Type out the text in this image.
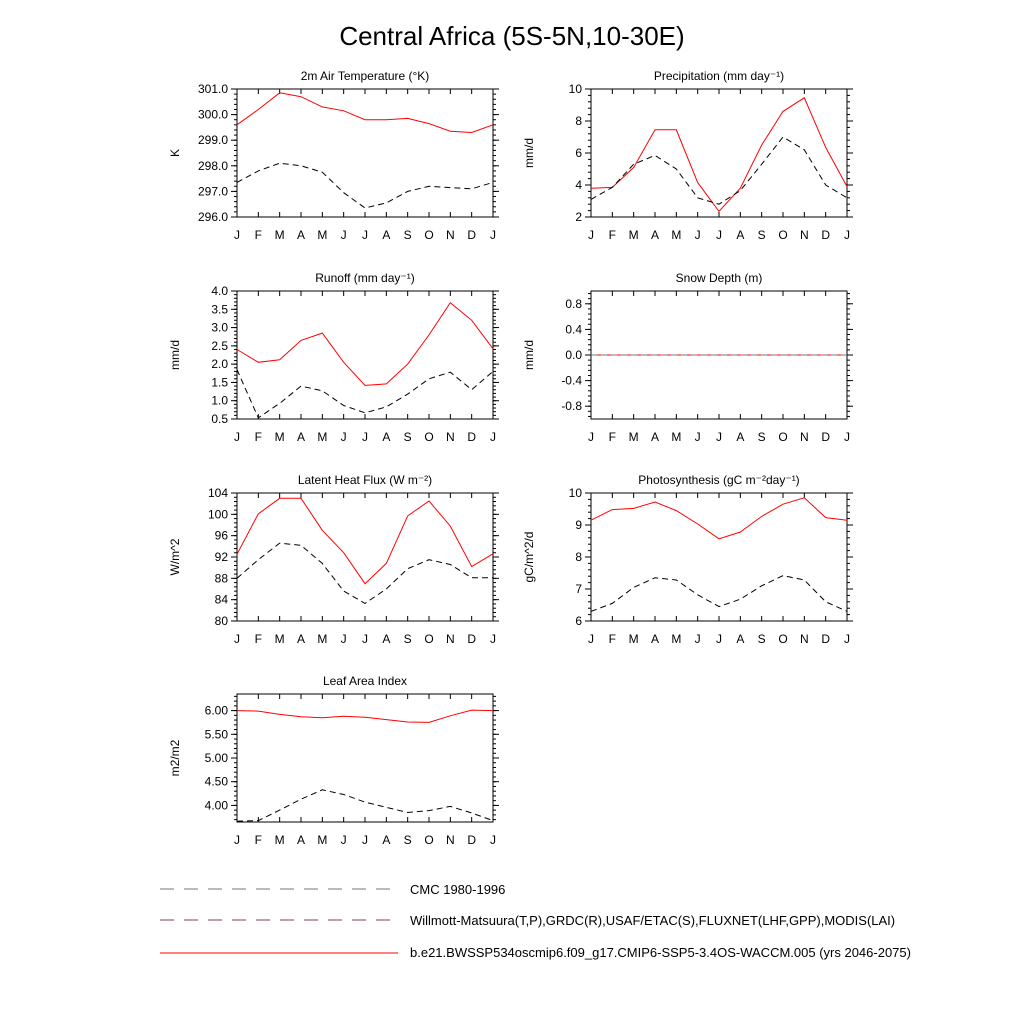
Central Africa (5S-5N,10-30E)
2m Air Temperature (°K)
K
J F M A M J J A S O N D J
296.0
297.0
298.0
299.0
300.0
301.0
Precipitation (mm day⁻¹)
mm/d
J F M A M J J A S O N D J
2
4
6
8
10
Runoff (mm day⁻¹)
mm/d
J F M A M J J A S O N D J
0.5
1.0
1.5
2.0
2.5
3.0
3.5
4.0
Snow Depth (m)
mm/d
J F M A M J J A S O N D J
-0.8
-0.4
0.0
0.4
0.8
Latent Heat Flux (W m⁻²)
W/m^2
J F M A M J J A S O N D J
80
84
88
92
96
100
104
Photosynthesis (gC m⁻²day⁻¹)
gC/m^2/d
J F M A M J J A S O N D J
6
7
8
9
10
Leaf Area Index
m2/m2
J F M A M J J A S O N D J
4.00
4.50
5.00
5.50
6.00
CMC 1980-1996
Willmott-Matsuura(T,P),GRDC(R),USAF/ETAC(S),FLUXNET(LHF,GPP),MODIS(LAI)
b.e21.BWSSP534oscmip6.f09_g17.CMIP6-SSP5-3.4OS-WACCM.005 (yrs 2046-2075)
